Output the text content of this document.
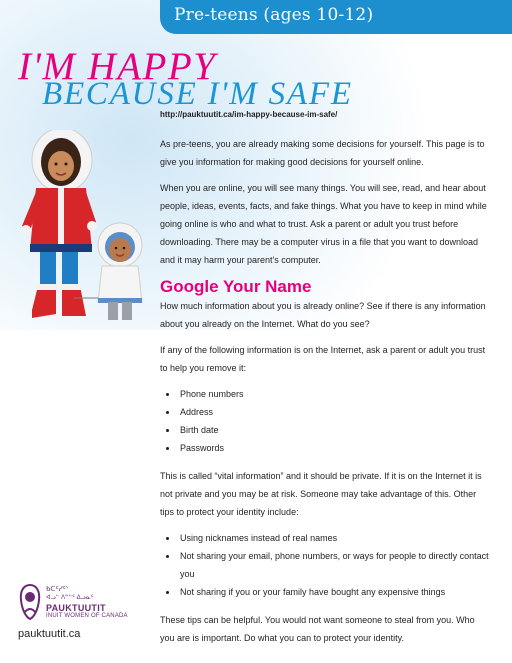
Pre-teens (ages 10-12)
I'M HAPPY
BECAUSE I'M SAFE
http://pauktuutit.ca/im-happy-because-im-safe/

As pre-teens, you are already making some decisions for yourself. This page is to give you information for making good decisions for yourself online.

When you are online, you will see many things. You will see, read, and hear about people, ideas, events, facts, and fake things. What you have to keep in mind while going online is who and what to trust. Ask a parent or adult you trust before downloading. There may be a computer virus in a file that you want to download and it may harm your parent's computer.

Google Your Name

How much information about you is already online? See if there is any information about you already on the Internet. What do you see?

If any of the following information is on the Internet, ask a parent or adult you trust to help you remove it:

• Phone numbers
• Address
• Birth date
• Passwords

This is called “vital information” and it should be private. If it is on the Internet it is not private and you may be at risk. Someone may take advantage of this. Other tips to protect your identity include:

• Using nicknames instead of real names
• Not sharing your email, phone numbers, or ways for people to directly contact you
• Not sharing if you or your family have bought any expensive things

These tips can be helpful. You would not want someone to steal from you. Who you are is important. Do what you can to protect your identity.

ᑲᑕᑦᓯᑦᐠ
ᐊᓗᓪ ᐱᓐᓪᑦ ᐃᓗᓇᑦ
PAUKTUUTIT
INUIT WOMEN OF CANADA
pauktuutit.ca
